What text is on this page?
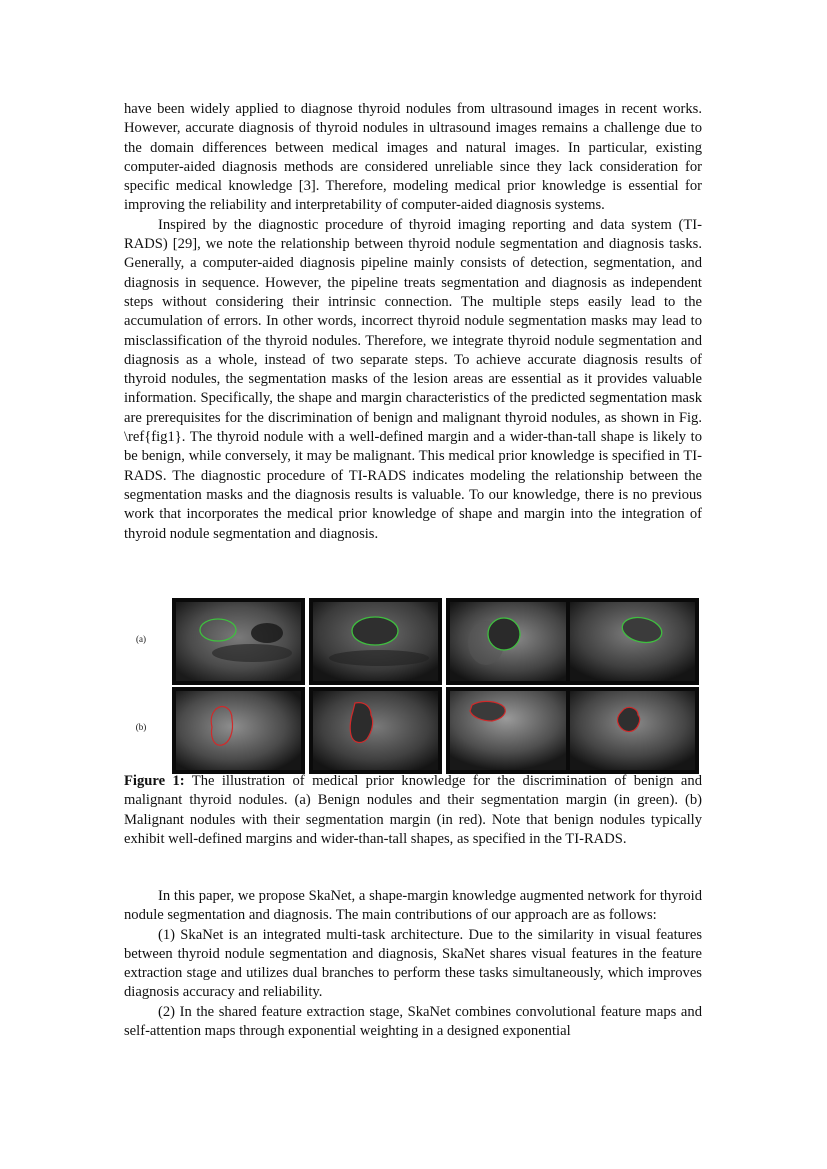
have been widely applied to diagnose thyroid nodules from ultrasound images in recent works. However, accurate diagnosis of thyroid nodules in ultrasound images remains a challenge due to the domain differences between medical images and natural images. In particular, existing computer-aided diagnosis methods are considered unreliable since they lack consideration for specific medical knowledge [3]. Therefore, modeling medical prior knowledge is essential for improving the reliability and interpretability of computer-aided diagnosis systems.

Inspired by the diagnostic procedure of thyroid imaging reporting and data system (TI-RADS) [29], we note the relationship between thyroid nodule segmentation and diagnosis tasks. Generally, a computer-aided diagnosis pipeline mainly consists of detection, segmentation, and diagnosis in sequence. However, the pipeline treats segmentation and diagnosis as independent steps without considering their intrinsic connection. The multiple steps easily lead to the accumulation of errors. In other words, incorrect thyroid nodule segmentation masks may lead to misclassification of the thyroid nodules. Therefore, we integrate thyroid nodule segmentation and diagnosis as a whole, instead of two separate steps. To achieve accurate diagnosis results of thyroid nodules, the segmentation masks of the lesion areas are essential as it provides valuable information. Specifically, the shape and margin characteristics of the predicted segmentation mask are prerequisites for the discrimination of benign and malignant thyroid nodules, as shown in Fig. \ref{fig1}. The thyroid nodule with a well-defined margin and a wider-than-tall shape is likely to be benign, while conversely, it may be malignant. This medical prior knowledge is specified in TI-RADS. The diagnostic procedure of TI-RADS indicates modeling the relationship between the segmentation masks and the diagnosis results is valuable. To our knowledge, there is no previous work that incorporates the medical prior knowledge of shape and margin into the integration of thyroid nodule segmentation and diagnosis.

(a)
(b)

Figure 1: The illustration of medical prior knowledge for the discrimination of benign and malignant thyroid nodules. (a) Benign nodules and their segmentation margin (in green). (b) Malignant nodules with their segmentation margin (in red). Note that benign nodules typically exhibit well-defined margins and wider-than-tall shapes, as specified in the TI-RADS.

In this paper, we propose SkaNet, a shape-margin knowledge augmented network for thyroid nodule segmentation and diagnosis. The main contributions of our approach are as follows:

(1) SkaNet is an integrated multi-task architecture. Due to the similarity in visual features between thyroid nodule segmentation and diagnosis, SkaNet shares visual features in the feature extraction stage and utilizes dual branches to perform these tasks simultaneously, which improves diagnosis accuracy and reliability.

(2) In the shared feature extraction stage, SkaNet combines convolutional feature maps and self-attention maps through exponential weighting in a designed exponential
